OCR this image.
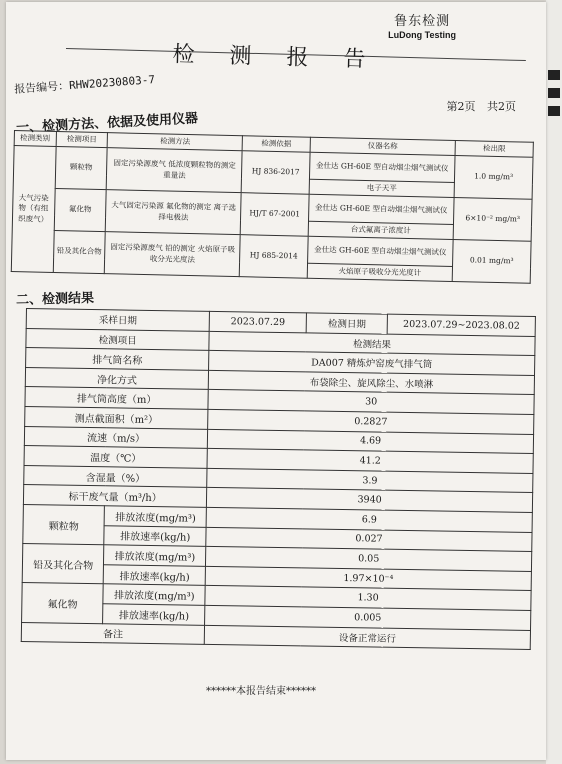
鲁东检测
LuDong Testing
检 测 报 告
报告编号：RHW20230803-7
第2页 共2页
一、检测方法、依据及使用仪器
检测类别	检测项目	检测方法	检测依据	仪器名称	检出限
大气污染物（有组织废气）	颗粒物	固定污染源废气 低浓度颗粒物的测定 重量法	HJ 836-2017	金仕达 GH-60E 型自动烟尘烟气测试仪	1.0 mg/m³
				电子天平	
	氟化物	大气固定污染源 氟化物的测定 离子选择电极法	HJ/T 67-2001	金仕达 GH-60E 型自动烟尘烟气测试仪	6×10⁻² mg/m³
				台式氟离子浓度计	
	铅及其化合物	固定污染源废气 铅的测定 火焰原子吸收分光光度法	HJ 685-2014	金仕达 GH-60E 型自动烟尘烟气测试仪	0.01 mg/m³
				火焰原子吸收分光光度计	
二、检测结果
采样日期		2023.07.29	检测日期	2023.07.29~2023.08.02
检测项目		检测结果		
排气筒名称		DA007 精炼炉窑废气排气筒		
净化方式		布袋除尘、旋风除尘、水喷淋		
排气筒高度（m）		30		
测点截面积（m²）		0.2827		
流速（m/s）		4.69		
温度（℃）		41.2		
含湿量（%）		3.9		
标干废气量（m³/h）		3940		
颗粒物	排放浓度(mg/m³)	6.9		
	排放速率(kg/h)	0.027		
铅及其化合物	排放浓度(mg/m³)	0.05		
	排放速率(kg/h)	1.97×10⁻⁴		
氟化物	排放浓度(mg/m³)	1.30		
	排放速率(kg/h)	0.005		
备注		设备正常运行		
******本报告结束******
